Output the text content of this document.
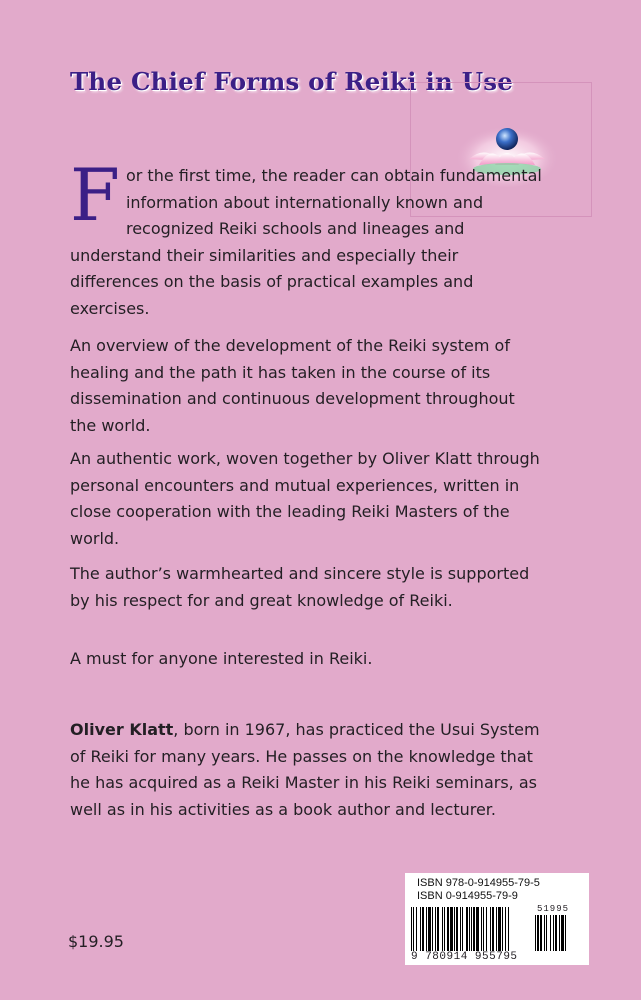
The Chief Forms of Reiki in Use

For the first time, the reader can obtain fundamental information about internationally known and recognized Reiki schools and lineages and understand their similarities and especially their differences on the basis of practical examples and exercises.

An overview of the development of the Reiki system of healing and the path it has taken in the course of its dissemination and continuous development throughout the world.

An authentic work, woven together by Oliver Klatt through personal encounters and mutual experiences, written in close cooperation with the leading Reiki Masters of the world.

The author’s warmhearted and sincere style is supported by his respect for and great knowledge of Reiki.

A must for anyone interested in Reiki.

Oliver Klatt, born in 1967, has practiced the Usui System of Reiki for many years. He passes on the knowledge that he has acquired as a Reiki Master in his Reiki seminars, as well as in his activities as a book author and lecturer.

$19.95

ISBN 978-0-914955-79-5
ISBN 0-914955-79-9
51995
9 780914 955795
